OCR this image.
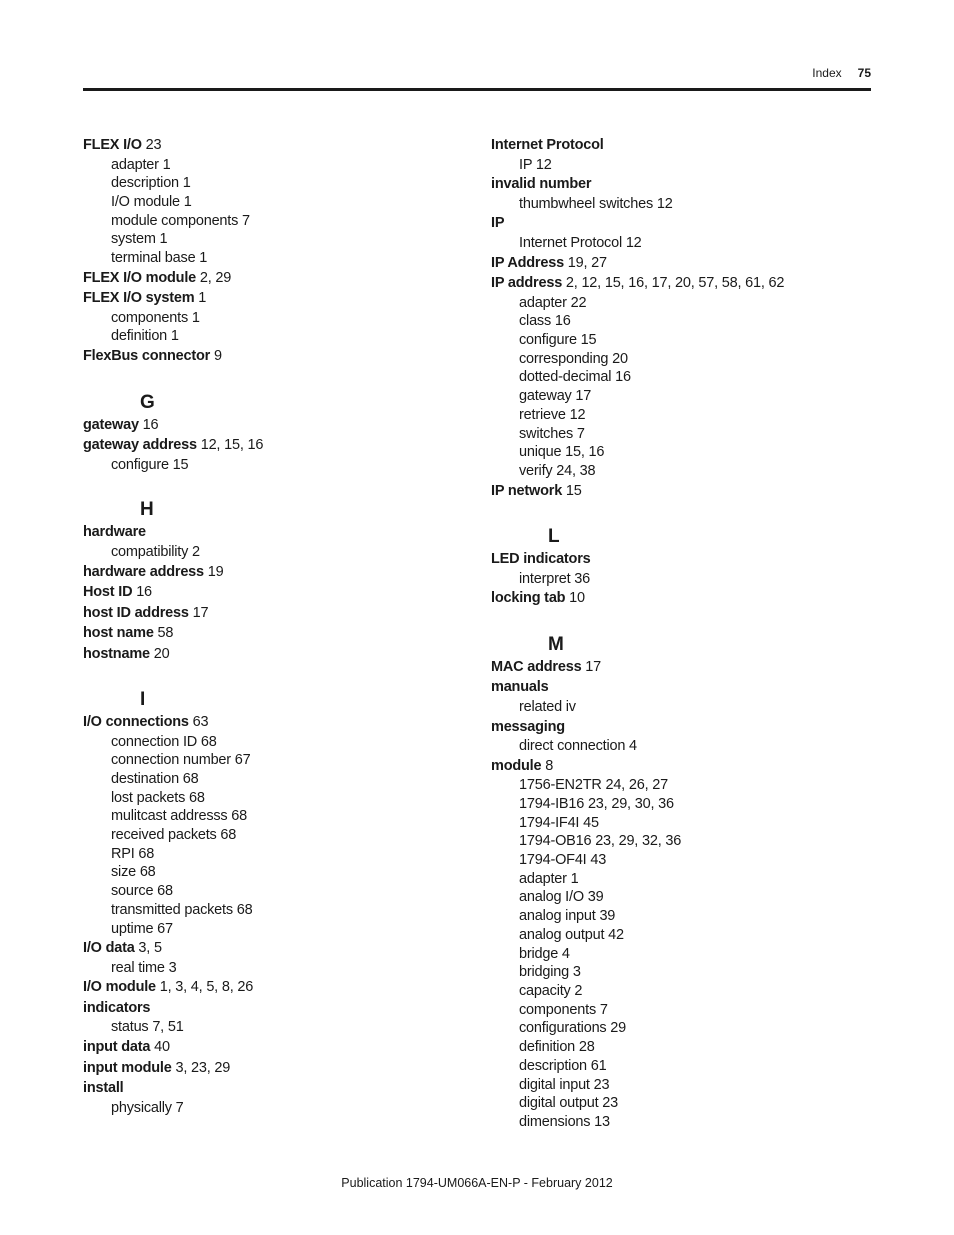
Index 75
FLEX I/O 23
adapter 1
description 1
I/O module 1
module components 7
system 1
terminal base 1
FLEX I/O module 2, 29
FLEX I/O system 1
components 1
definition 1
FlexBus connector 9
G
gateway 16
gateway address 12, 15, 16
configure 15
H
hardware
compatibility 2
hardware address 19
Host ID 16
host ID address 17
host name 58
hostname 20
I
I/O connections 63
connection ID 68
connection number 67
destination 68
lost packets 68
mulitcast addresss 68
received packets 68
RPI 68
size 68
source 68
transmitted packets 68
uptime 67
I/O data 3, 5
real time 3
I/O module 1, 3, 4, 5, 8, 26
indicators
status 7, 51
input data 40
input module 3, 23, 29
install
physically 7
Internet Protocol
IP 12
invalid number
thumbwheel switches 12
IP
Internet Protocol 12
IP Address 19, 27
IP address 2, 12, 15, 16, 17, 20, 57, 58, 61, 62
adapter 22
class 16
configure 15
corresponding 20
dotted-decimal 16
gateway 17
retrieve 12
switches 7
unique 15, 16
verify 24, 38
IP network 15
L
LED indicators
interpret 36
locking tab 10
M
MAC address 17
manuals
related iv
messaging
direct connection 4
module 8
1756-EN2TR 24, 26, 27
1794-IB16 23, 29, 30, 36
1794-IF4I 45
1794-OB16 23, 29, 32, 36
1794-OF4I 43
adapter 1
analog I/O 39
analog input 39
analog output 42
bridge 4
bridging 3
capacity 2
components 7
configurations 29
definition 28
description 61
digital input 23
digital output 23
dimensions 13
Publication 1794-UM066A-EN-P - February 2012
